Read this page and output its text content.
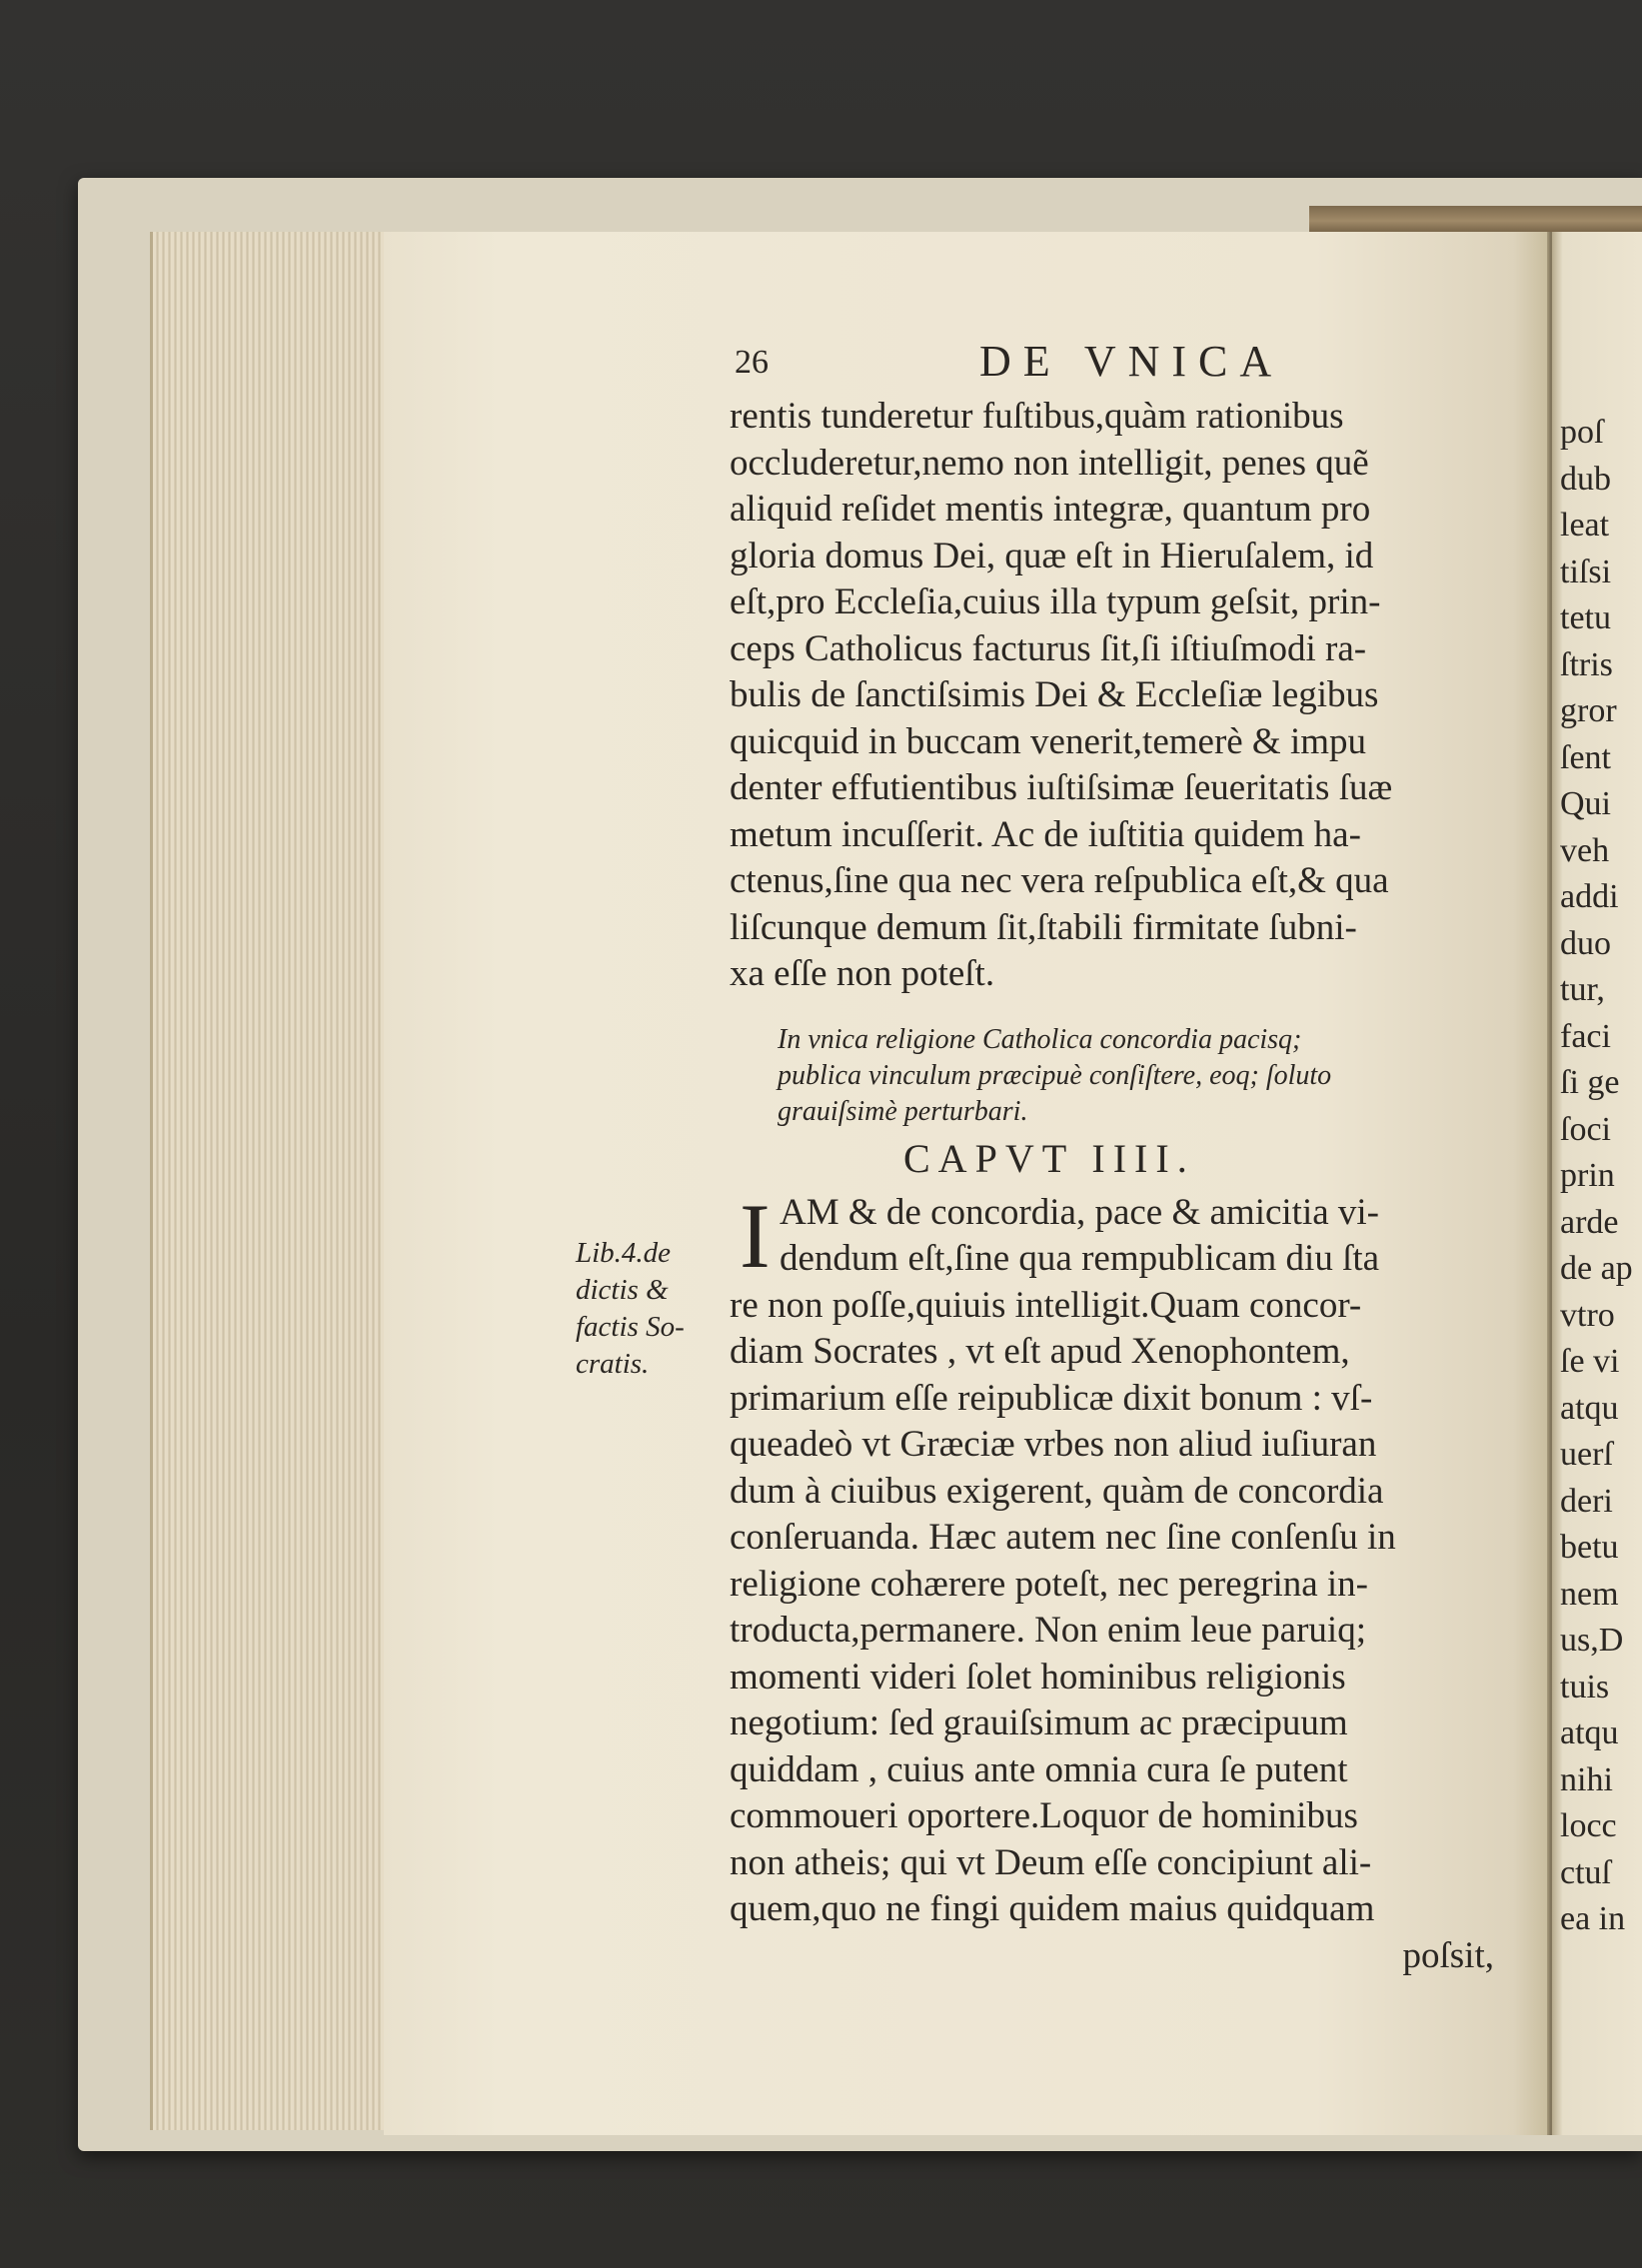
poſ
dub
leat
tiſsi
tetu
ſtris
gror
ſent
Qui
veh
addi
duo
tur,
faci
ſi ge
ſoci
prin
arde
de ap
vtro
ſe vi
atqu
uerſ
deri
betu
nem
us,D
tuis
atqu
nihi
locc
ctuſ
ea in
Lib.4.de
dictis &
factis So-
cratis.
26	DE VNICA
rentis tunderetur fuſtibus,quàm rationibus
occluderetur,nemo non intelligit, penes quẽ
aliquid reſidet mentis integræ, quantum pro
gloria domus Dei, quæ eſt in Hieruſalem, id
eſt,pro Eccleſia,cuius illa typum geſsit, prin-
ceps Catholicus facturus ſit,ſi iſtiuſmodi ra-
bulis de ſanctiſsimis Dei & Eccleſiæ legibus
quicquid in buccam venerit,temerè & impu
denter effutientibus iuſtiſsimæ ſeueritatis ſuæ
metum incuſſerit. Ac de iuſtitia quidem ha-
ctenus,ſine qua nec vera reſpublica eſt,& qua
liſcunque demum ſit,ſtabili firmitate ſubni-
xa eſſe non poteſt.
In vnica religione Catholica concordia pacisq;
publica vinculum præcipuè conſiſtere, eoq; ſoluto
grauiſsimè perturbari.
CAPVT IIII.
I AM & de concordia, pace & amicitia vi-
dendum eſt,ſine qua rempublicam diu ſta
re non poſſe,quiuis intelligit.Quam concor-
diam Socrates , vt eſt apud Xenophontem,
primarium eſſe reipublicæ dixit bonum : vſ-
queadeò vt Græciæ vrbes non aliud iuſiuran
dum à ciuibus exigerent, quàm de concordia
conſeruanda. Hæc autem nec ſine conſenſu in
religione cohærere poteſt, nec peregrina in-
troducta,permanere. Non enim leue paruiq;
momenti videri ſolet hominibus religionis
negotium: ſed grauiſsimum ac præcipuum
quiddam , cuius ante omnia cura ſe putent
commoueri oportere.Loquor de hominibus
non atheis; qui vt Deum eſſe concipiunt ali-
quem,quo ne fingi quidem maius quidquam
poſsit,
